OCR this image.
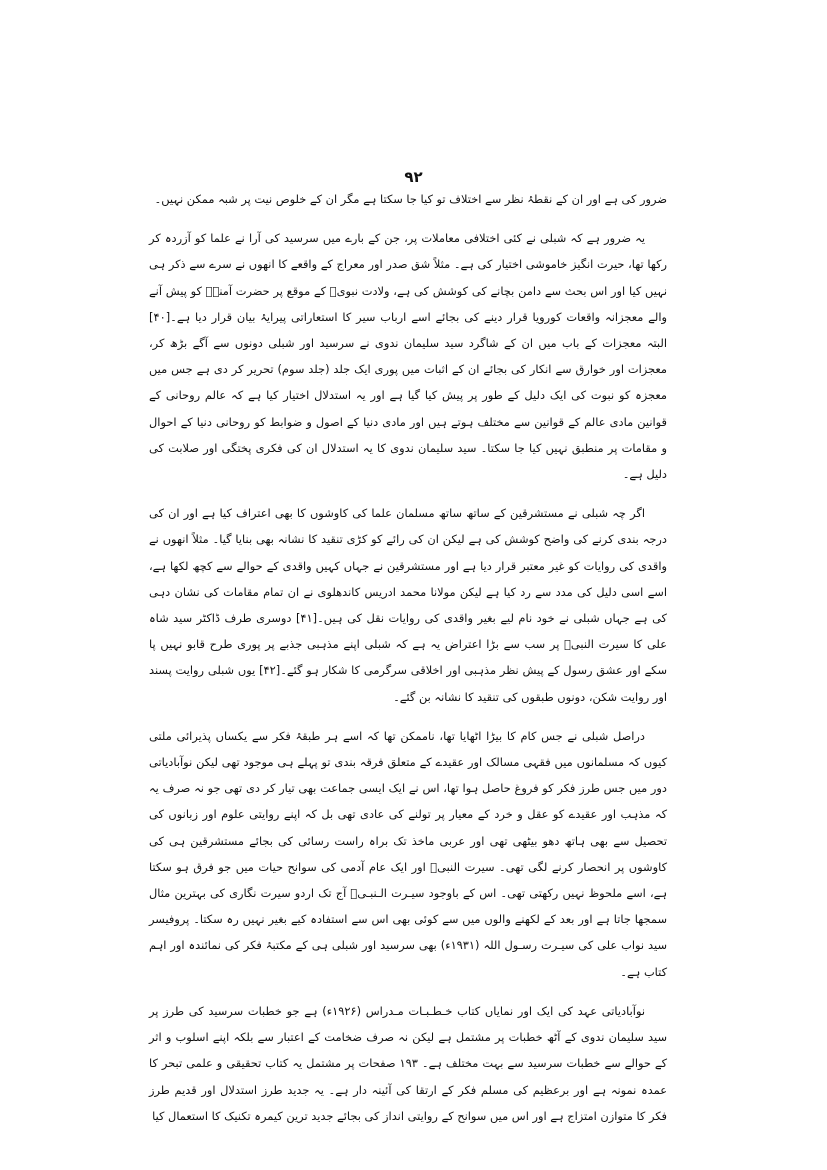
۹۲

ضرور کی ہے اور ان کے نقطۂ نظر سے اختلاف تو کیا جا سکتا ہے مگر ان کے خلوص نیت پر شبہ ممکن نہیں۔

یہ ضرور ہے کہ شبلی نے کئی اختلافی معاملات پر، جن کے بارے میں سرسید کی آرا نے علما کو آزردہ کر رکھا تھا، حیرت انگیز خاموشی اختیار کی ہے۔ مثلاً شق صدر اور معراج کے واقعے کا انھوں نے سرے سے ذکر ہی نہیں کیا اور اس بحث سے دامن بچانے کی کوشش کی ہے، ولادت نبویؐ کے موقع پر حضرت آمنہؓ کو پیش آنے والے معجزانہ واقعات کورویا قرار دینے کی بجائے اسے ارباب سیر کا استعاراتی پیرایۂ بیان قرار دیا ہے۔[۴۰] البتہ معجزات کے باب میں ان کے شاگرد سید سلیمان ندوی نے سرسید اور شبلی دونوں سے آگے بڑھ کر، معجزات اور خوارق سے انکار کی بجائے ان کے اثبات میں پوری ایک جلد (جلد سوم) تحریر کر دی ہے جس میں معجزہ کو نبوت کی ایک دلیل کے طور پر پیش کیا گیا ہے اور یہ استدلال اختیار کیا ہے کہ عالم روحانی کے قوانین مادی عالم کے قوانین سے مختلف ہوتے ہیں اور مادی دنیا کے اصول و ضوابط کو روحانی دنیا کے احوال و مقامات پر منطبق نہیں کیا جا سکتا۔ سید سلیمان ندوی کا یہ استدلال ان کی فکری پختگی اور صلابت کی دلیل ہے۔

اگر چہ شبلی نے مستشرقین کے ساتھ ساتھ مسلمان علما کی کاوشوں کا بھی اعتراف کیا ہے اور ان کی درجہ بندی کرنے کی واضح کوشش کی ہے لیکن ان کی رائے کو کڑی تنقید کا نشانہ بھی بنایا گیا۔ مثلاً انھوں نے واقدی کی روایات کو غیر معتبر قرار دیا ہے اور مستشرقین نے جہاں کہیں واقدی کے حوالے سے کچھ لکھا ہے، اسے اسی دلیل کی مدد سے رد کیا ہے لیکن مولانا محمد ادریس کاندھلوی نے ان تمام مقامات کی نشان دہی کی ہے جہاں شبلی نے خود نام لیے بغیر واقدی کی روایات نقل کی ہیں۔[۴۱] دوسری طرف ڈاکٹر سید شاہ علی کا سیرت النبیؐ پر سب سے بڑا اعتراض یہ ہے کہ شبلی اپنے مذہبی جذبے پر پوری طرح قابو نہیں پا سکے اور عشق رسول کے پیش نظر مذہبی اور اخلاقی سرگرمی کا شکار ہو گئے۔[۴۲] یوں شبلی روایت پسند اور روایت شکن، دونوں طبقوں کی تنقید کا نشانہ بن گئے۔

دراصل شبلی نے جس کام کا بیڑا اٹھایا تھا، ناممکن تھا کہ اسے ہر طبقۂ فکر سے یکساں پذیرائی ملتی کیوں کہ مسلمانوں میں فقہی مسالک اور عقیدے کے متعلق فرقہ بندی تو پہلے ہی موجود تھی لیکن نوآبادیاتی دور میں جس طرز فکر کو فروغ حاصل ہوا تھا، اس نے ایک ایسی جماعت بھی تیار کر دی تھی جو نہ صرف یہ کہ مذہب اور عقیدے کو عقل و خرد کے معیار پر تولنے کی عادی تھی بل کہ اپنے روایتی علوم اور زبانوں کی تحصیل سے بھی ہاتھ دھو بیٹھی تھی اور عربی ماخذ تک براہ راست رسائی کی بجائے مستشرقین ہی کی کاوشوں پر انحصار کرنے لگی تھی۔ سیرت النبیؐ اور ایک عام آدمی کی سوانح حیات میں جو فرق ہو سکتا ہے، اسے ملحوظ نہیں رکھتی تھی۔ اس کے باوجود سیـرت الـنبـیؐ آج تک اردو سیرت نگاری کی بہترین مثال سمجھا جاتا ہے اور بعد کے لکھنے والوں میں سے کوئی بھی اس سے استفادہ کیے بغیر نہیں رہ سکتا۔ پروفیسر سید نواب علی کی سیـرت رسـول اللہ (۱۹۳۱ء) بھی سرسید اور شبلی ہی کے مکتبۂ فکر کی نمائندہ اور اہم کتاب ہے۔

نوآبادیاتی عہد کی ایک اور نمایاں کتاب خـطـبـات مـدراس (۱۹۲۶ء) ہے جو خطبات سرسید کی طرز پر سید سلیمان ندوی کے آٹھ خطبات پر مشتمل ہے لیکن نہ صرف ضخامت کے اعتبار سے بلکہ اپنے اسلوب و اثر کے حوالے سے خطبات سرسید سے بہت مختلف ہے۔ ۱۹۳ صفحات پر مشتمل یہ کتاب تحقیقی و علمی تبحر کا عمدہ نمونہ ہے اور برعظیم کی مسلم فکر کے ارتقا کی آئینہ دار ہے۔ یہ جدید طرز استدلال اور قدیم طرز فکر کا متوازن امتزاج ہے اور اس میں سوانح کے روایتی انداز کی بجائے جدید ترین کیمرہ تکنیک کا استعمال کیا
